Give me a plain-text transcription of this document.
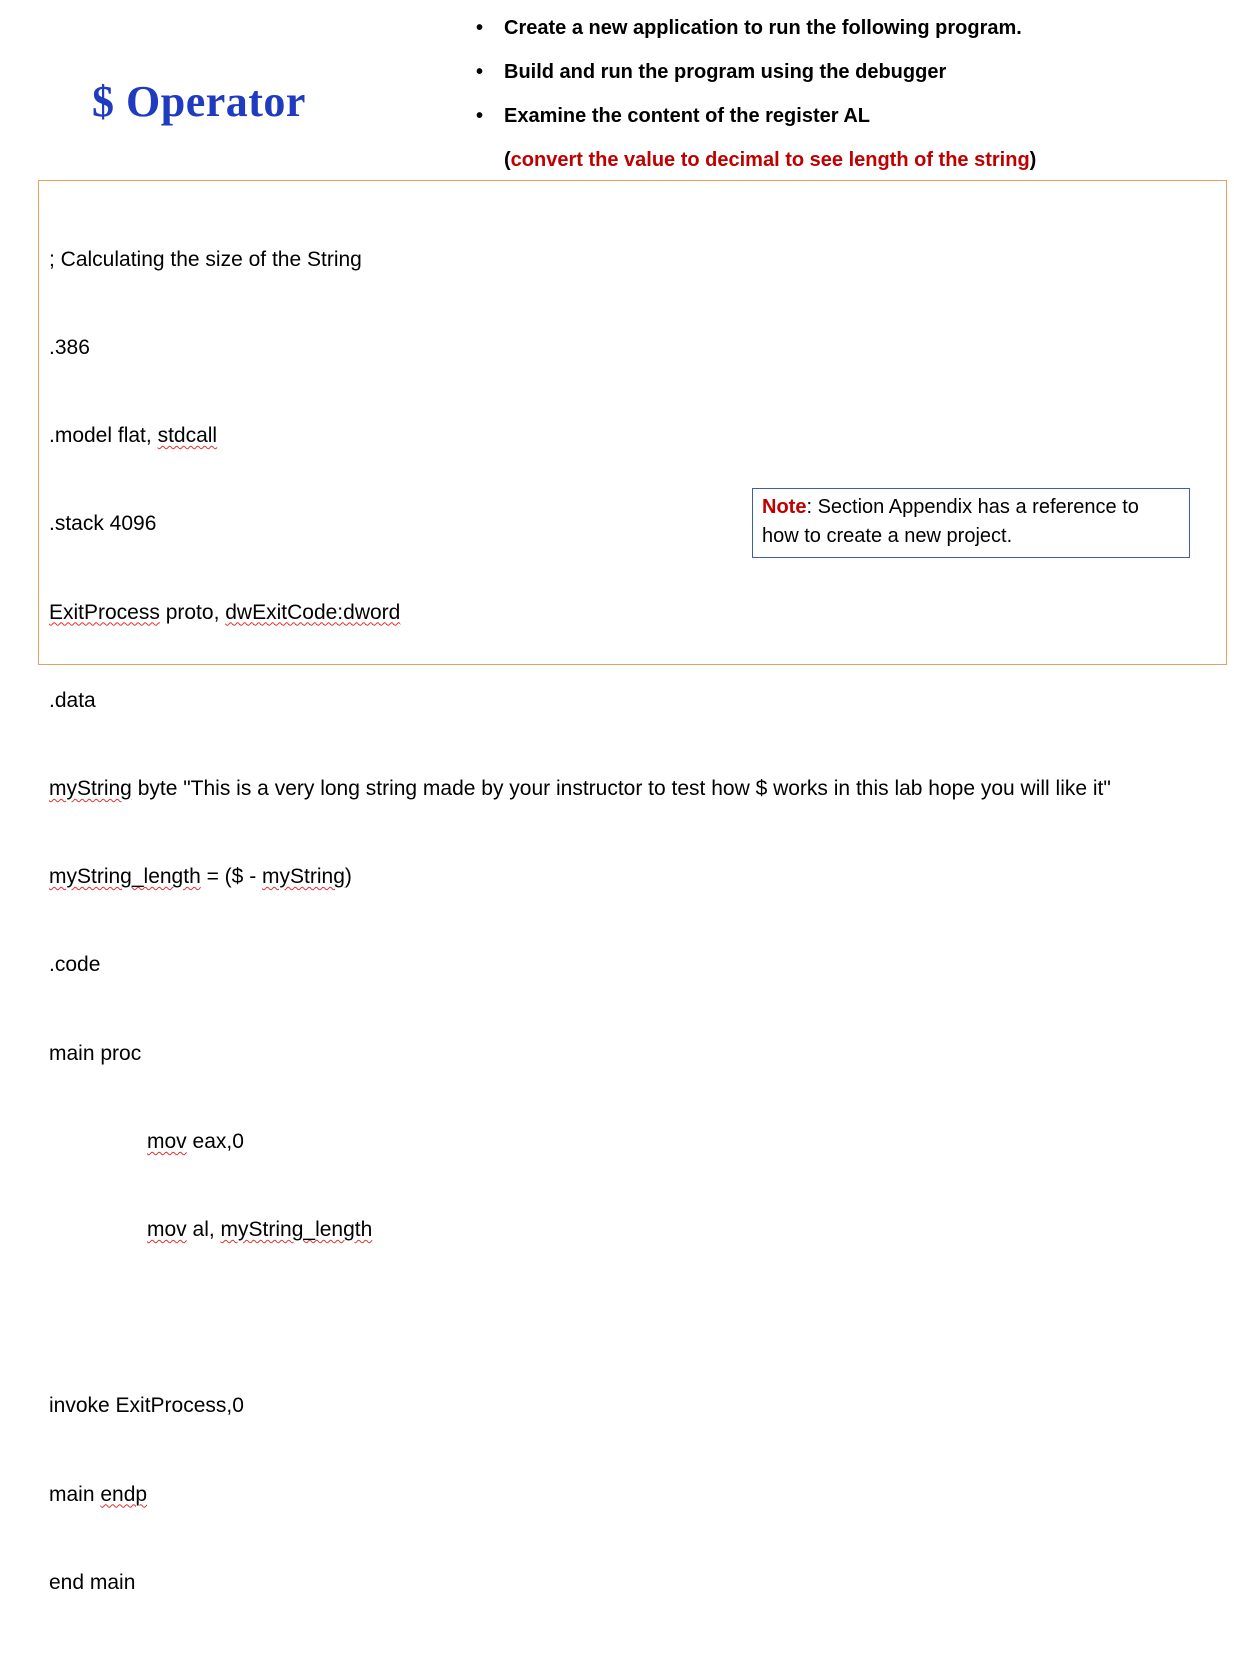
$ Operator
• Create a new application to run the following program.
• Build and run the program using the debugger
• Examine the content of the register AL
(convert the value to decimal to see length of the string)

; Calculating the size of the String

.386

.model flat, stdcall

.stack 4096

ExitProcess proto, dwExitCode:dword

.data

myString byte "This is a very long string made by your instructor to test how $ works in this lab hope you will like it"

myString_length = ($ - myString)

.code

main proc

mov eax,0

mov al, myString_length

invoke ExitProcess,0

main endp

end main

Note: Section Appendix has a reference to how to create a new project.
